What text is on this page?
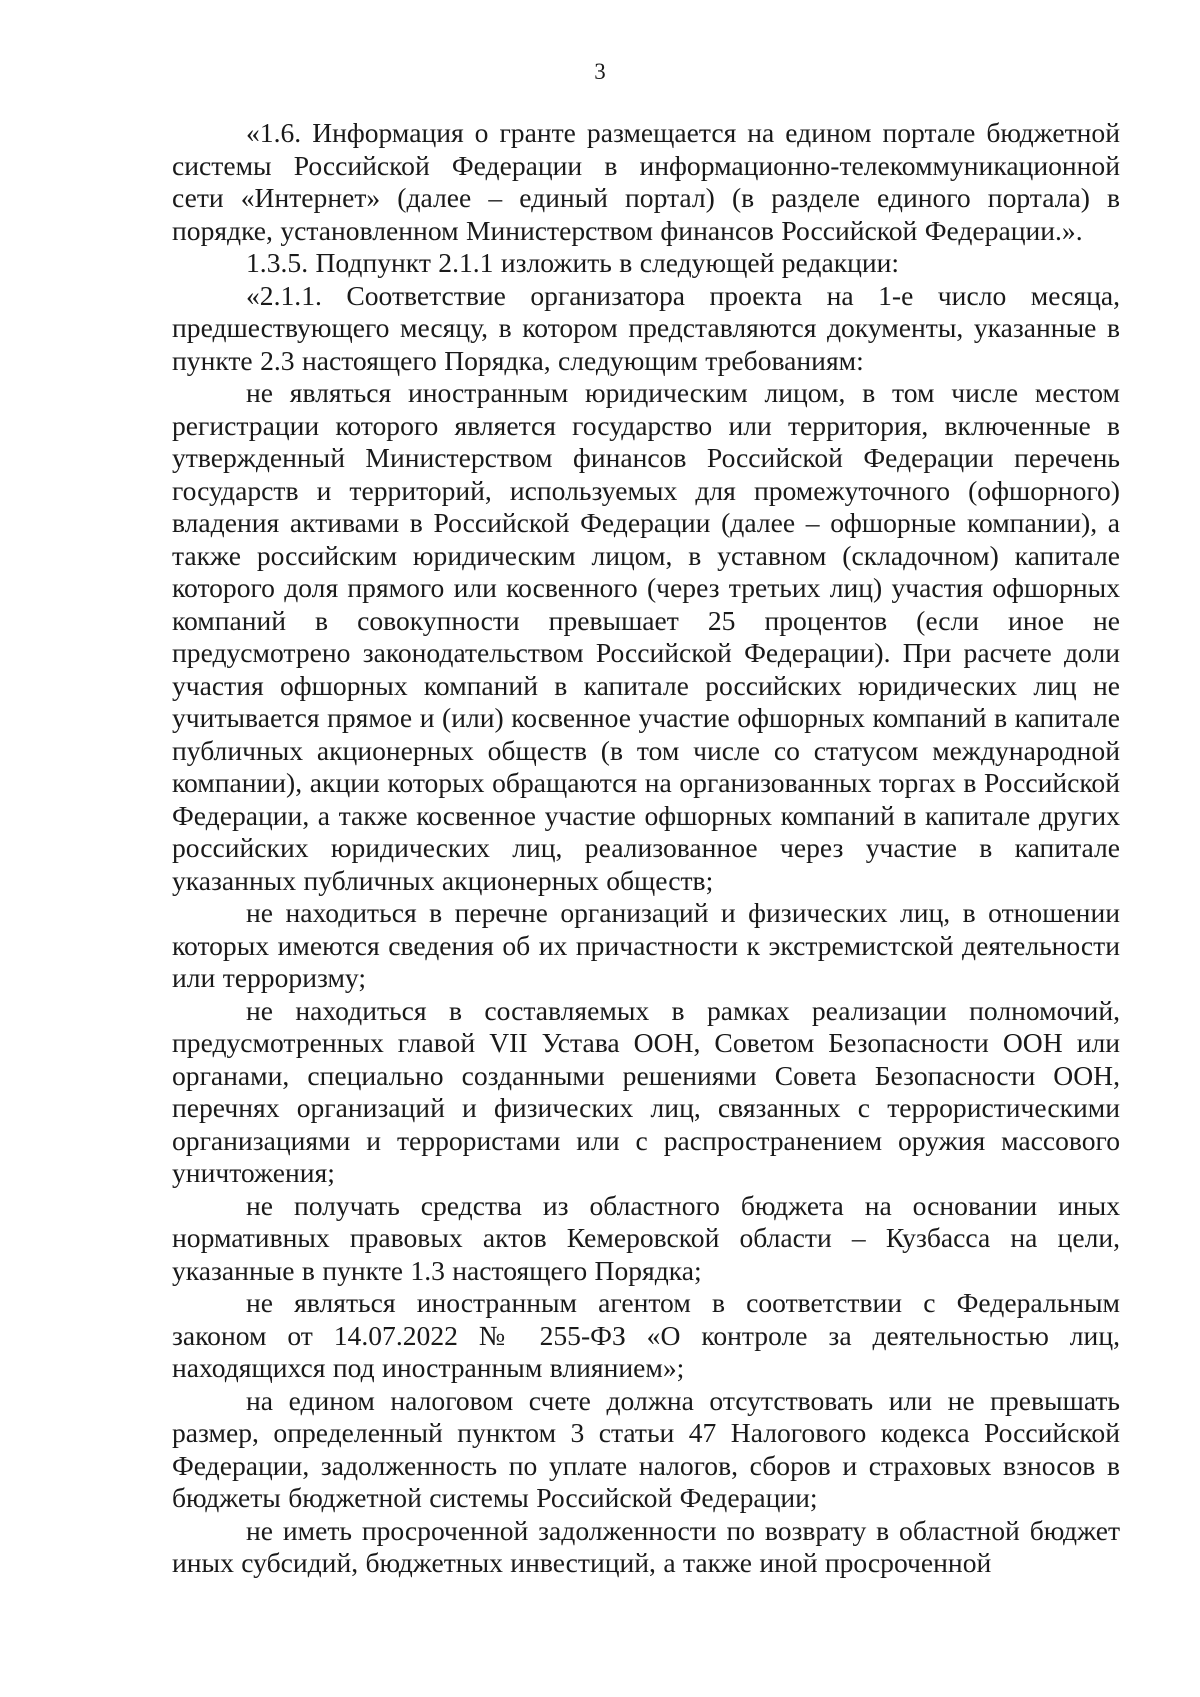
3

«1.6. Информация о гранте размещается на едином портале бюджетной системы Российской Федерации в информационно-телекоммуникационной сети «Интернет» (далее – единый портал) (в разделе единого портала) в порядке, установленном Министерством финансов Российской Федерации.».

1.3.5. Подпункт 2.1.1 изложить в следующей редакции:

«2.1.1. Соответствие организатора проекта на 1-е число месяца, предшествующего месяцу, в котором представляются документы, указанные в пункте 2.3 настоящего Порядка, следующим требованиям:

не являться иностранным юридическим лицом, в том числе местом регистрации которого является государство или территория, включенные в утвержденный Министерством финансов Российской Федерации перечень государств и территорий, используемых для промежуточного (офшорного) владения активами в Российской Федерации (далее – офшорные компании), а также российским юридическим лицом, в уставном (складочном) капитале которого доля прямого или косвенного (через третьих лиц) участия офшорных компаний в совокупности превышает 25 процентов (если иное не предусмотрено законодательством Российской Федерации). При расчете доли участия офшорных компаний в капитале российских юридических лиц не учитывается прямое и (или) косвенное участие офшорных компаний в капитале публичных акционерных обществ (в том числе со статусом международной компании), акции которых обращаются на организованных торгах в Российской Федерации, а также косвенное участие офшорных компаний в капитале других российских юридических лиц, реализованное через участие в капитале указанных публичных акционерных обществ;

не находиться в перечне организаций и физических лиц, в отношении которых имеются сведения об их причастности к экстремистской деятельности или терроризму;

не находиться в составляемых в рамках реализации полномочий, предусмотренных главой VII Устава ООН, Советом Безопасности ООН или органами, специально созданными решениями Совета Безопасности ООН, перечнях организаций и физических лиц, связанных с террористическими организациями и террористами или с распространением оружия массового уничтожения;

не получать средства из областного бюджета на основании иных нормативных правовых актов Кемеровской области – Кузбасса на цели, указанные в пункте 1.3 настоящего Порядка;

не являться иностранным агентом в соответствии с Федеральным законом от 14.07.2022 № 255-ФЗ «О контроле за деятельностью лиц, находящихся под иностранным влиянием»;

на едином налоговом счете должна отсутствовать или не превышать размер, определенный пунктом 3 статьи 47 Налогового кодекса Российской Федерации, задолженность по уплате налогов, сборов и страховых взносов в бюджеты бюджетной системы Российской Федерации;

не иметь просроченной задолженности по возврату в областной бюджет иных субсидий, бюджетных инвестиций, а также иной просроченной
